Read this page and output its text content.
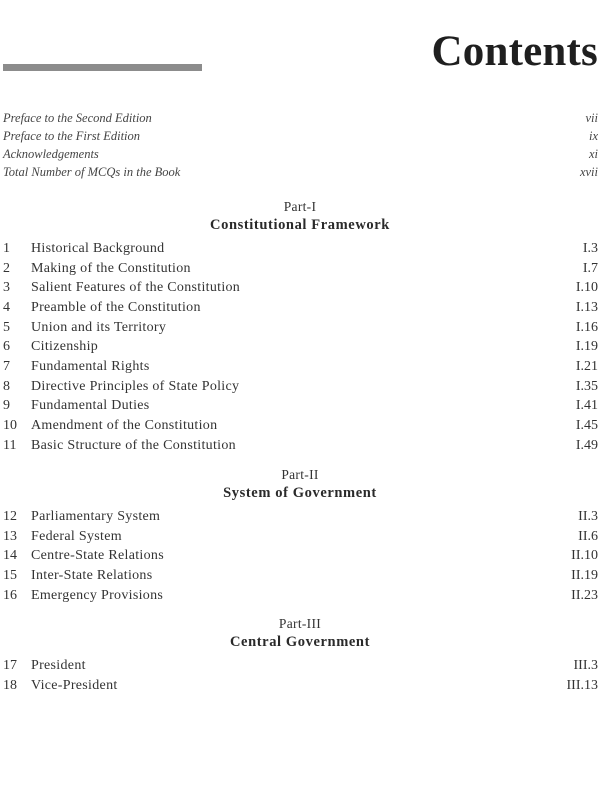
Contents
Preface to the Second Edition	vii
Preface to the First Edition	ix
Acknowledgements	xi
Total Number of MCQs in the Book	xvii
Part-I
Constitutional Framework
1	Historical Background	I.3
2	Making of the Constitution	I.7
3	Salient Features of the Constitution	I.10
4	Preamble of the Constitution	I.13
5	Union and its Territory	I.16
6	Citizenship	I.19
7	Fundamental Rights	I.21
8	Directive Principles of State Policy	I.35
9	Fundamental Duties	I.41
10	Amendment of the Constitution	I.45
11	Basic Structure of the Constitution	I.49
Part-II
System of Government
12	Parliamentary System	II.3
13	Federal System	II.6
14	Centre-State Relations	II.10
15	Inter-State Relations	II.19
16	Emergency Provisions	II.23
Part-III
Central Government
17	President	III.3
18	Vice-President	III.13
